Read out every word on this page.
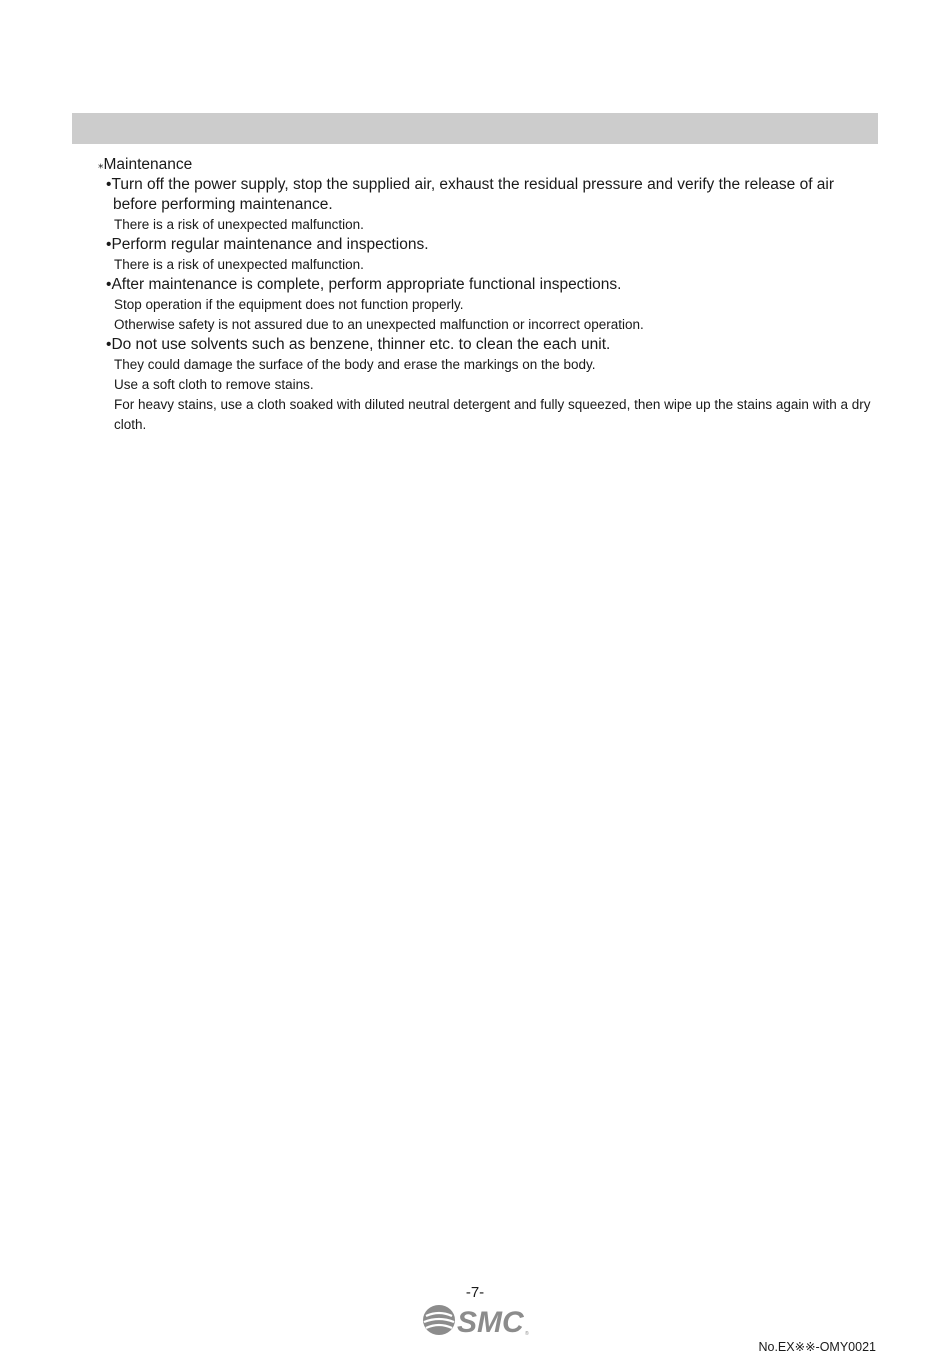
⁎Maintenance

•Turn off the power supply, stop the supplied air, exhaust the residual pressure and verify the release of air before performing maintenance.

There is a risk of unexpected malfunction.

•Perform regular maintenance and inspections.

There is a risk of unexpected malfunction.

•After maintenance is complete, perform appropriate functional inspections.

Stop operation if the equipment does not function properly.

Otherwise safety is not assured due to an unexpected malfunction or incorrect operation.

•Do not use solvents such as benzene, thinner etc. to clean the each unit.

They could damage the surface of the body and erase the markings on the body.

Use a soft cloth to remove stains.

For heavy stains, use a cloth soaked with diluted neutral detergent and fully squeezed, then wipe up the stains again with a dry cloth.

-7-
SMC ®
No.EX※※-OMY0021
